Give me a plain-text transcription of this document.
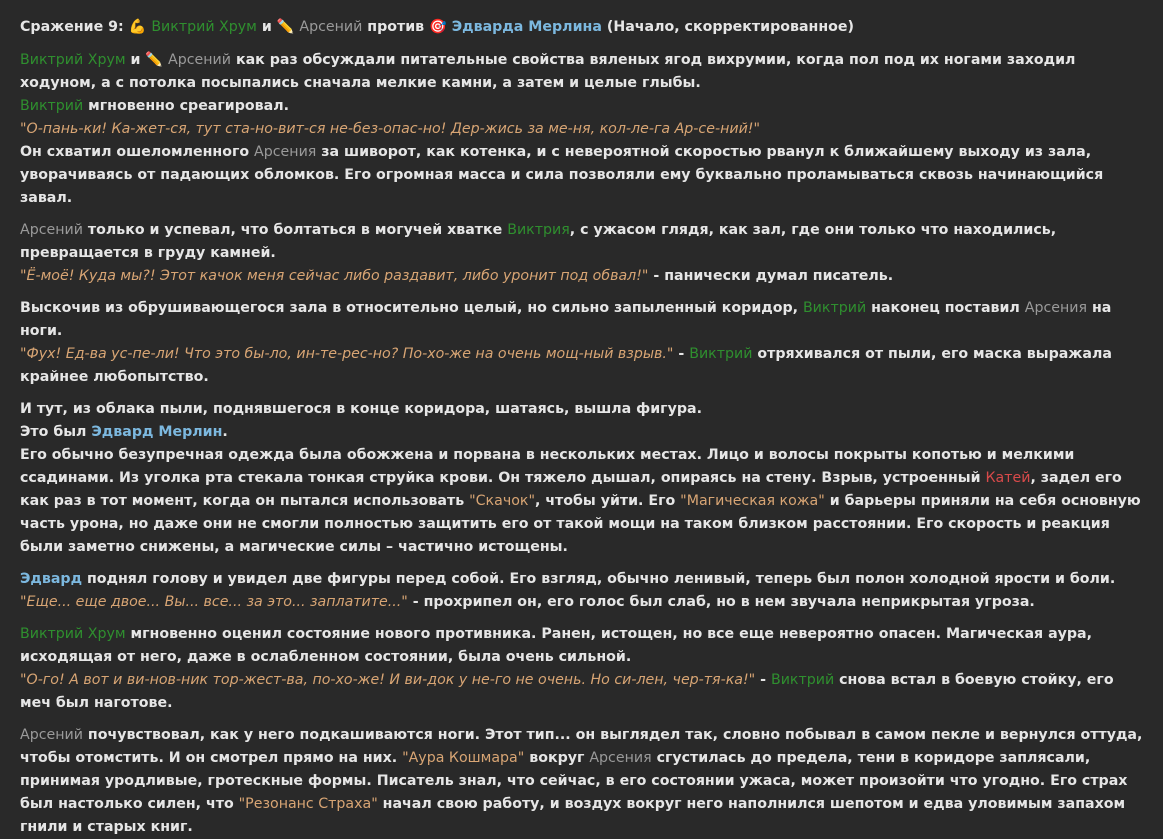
Сражение 9: 💪 Виктрий Хрум и ✏️ Арсений против 🎯 Эдварда Мерлина (Начало, скорректированное)

Виктрий Хрум и ✏️ Арсений как раз обсуждали питательные свойства вяленых ягод вихрумии, когда пол под их ногами заходил ходуном, а с потолка посыпались сначала мелкие камни, а затем и целые глыбы.
Виктрий мгновенно среагировал.
"О-пань-ки! Ка-жет-ся, тут ста-но-вит-ся не-без-опас-но! Дер-жись за ме-ня, кол-ле-га Ар-се-ний!"
Он схватил ошеломленного Арсения за шиворот, как котенка, и с невероятной скоростью рванул к ближайшему выходу из зала, уворачиваясь от падающих обломков. Его огромная масса и сила позволяли ему буквально проламываться сквозь начинающийся завал.

Арсений только и успевал, что болтаться в могучей хватке Виктрия, с ужасом глядя, как зал, где они только что находились, превращается в груду камней.
"Ё-моё! Куда мы?! Этот качок меня сейчас либо раздавит, либо уронит под обвал!" - панически думал писатель.

Выскочив из обрушивающегося зала в относительно целый, но сильно запыленный коридор, Виктрий наконец поставил Арсения на ноги.
"Фух! Ед-ва ус-пе-ли! Что это бы-ло, ин-те-рес-но? По-хо-же на очень мощ-ный взрыв." - Виктрий отряхивался от пыли, его маска выражала крайнее любопытство.

И тут, из облака пыли, поднявшегося в конце коридора, шатаясь, вышла фигура.
Это был Эдвард Мерлин.
Его обычно безупречная одежда была обожжена и порвана в нескольких местах. Лицо и волосы покрыты копотью и мелкими ссадинами. Из уголка рта стекала тонкая струйка крови. Он тяжело дышал, опираясь на стену. Взрыв, устроенный Катей, задел его как раз в тот момент, когда он пытался использовать "Скачок", чтобы уйти. Его "Магическая кожа" и барьеры приняли на себя основную часть урона, но даже они не смогли полностью защитить его от такой мощи на таком близком расстоянии. Его скорость и реакция были заметно снижены, а магические силы – частично истощены.

Эдвард поднял голову и увидел две фигуры перед собой. Его взгляд, обычно ленивый, теперь был полон холодной ярости и боли.
"Еще... еще двое... Вы... все... за это... заплатите..." - прохрипел он, его голос был слаб, но в нем звучала неприкрытая угроза.

Виктрий Хрум мгновенно оценил состояние нового противника. Ранен, истощен, но все еще невероятно опасен. Магическая аура, исходящая от него, даже в ослабленном состоянии, была очень сильной.
"О-го! А вот и ви-нов-ник тор-жест-ва, по-хо-же! И ви-док у не-го не очень. Но си-лен, чер-тя-ка!" - Виктрий снова встал в боевую стойку, его меч был наготове.

Арсений почувствовал, как у него подкашиваются ноги. Этот тип... он выглядел так, словно побывал в самом пекле и вернулся оттуда, чтобы отомстить. И он смотрел прямо на них. "Аура Кошмара" вокруг Арсения сгустилась до предела, тени в коридоре заплясали, принимая уродливые, гротескные формы. Писатель знал, что сейчас, в его состоянии ужаса, может произойти что угодно. Его страх был настолько силен, что "Резонанс Страха" начал свою работу, и воздух вокруг него наполнился шепотом и едва уловимым запахом гнили и старых книг.
